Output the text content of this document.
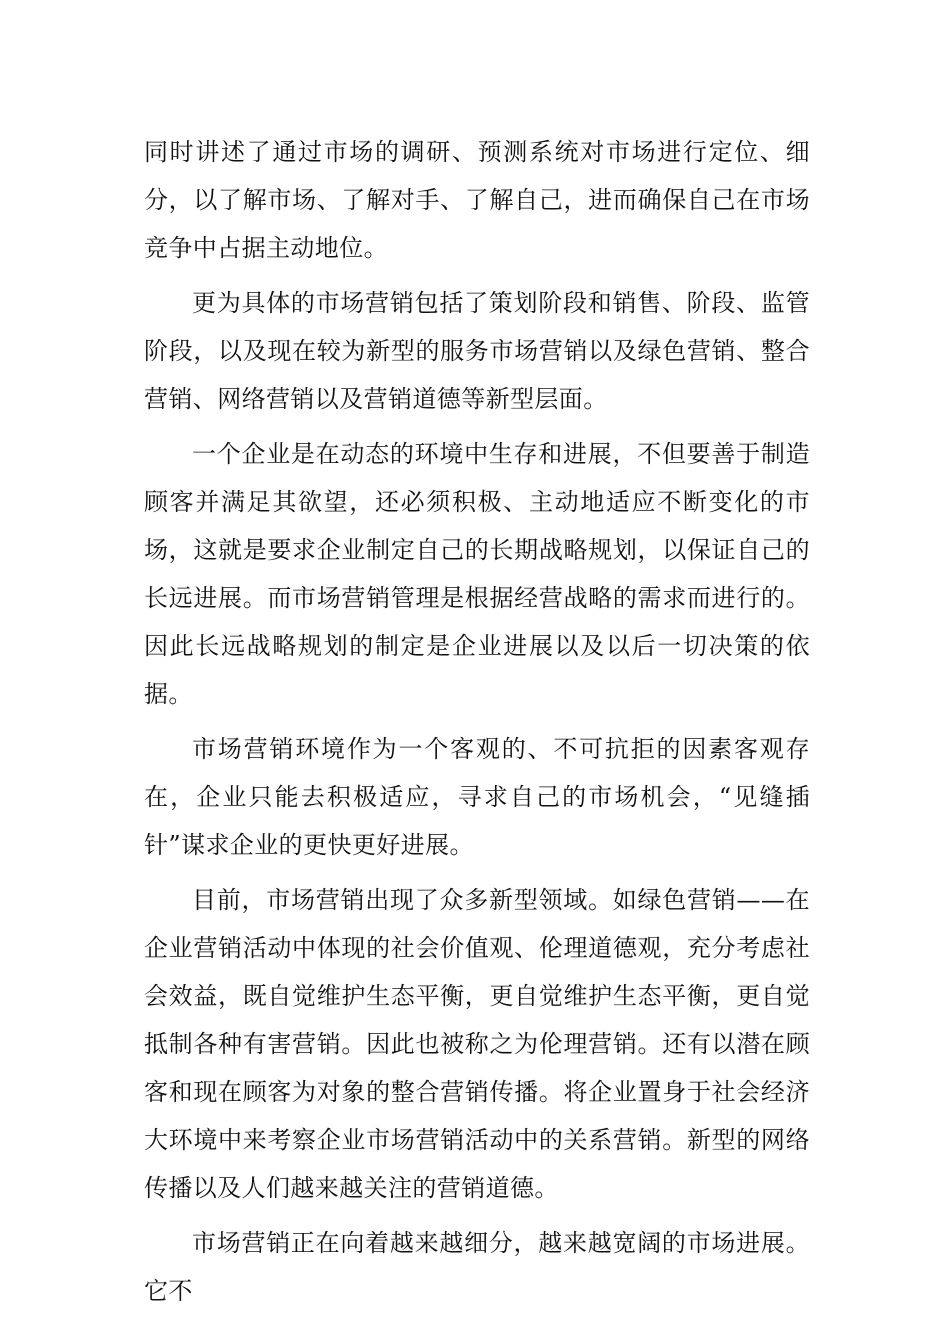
同时讲述了通过市场的调研、预测系统对市场进行定位、细分，以了解市场、了解对手、了解自己，进而确保自己在市场竞争中占据主动地位。

更为具体的市场营销包括了策划阶段和销售、阶段、监管阶段，以及现在较为新型的服务市场营销以及绿色营销、整合营销、网络营销以及营销道德等新型层面。

一个企业是在动态的环境中生存和进展，不但要善于制造顾客并满足其欲望，还必须积极、主动地适应不断变化的市场，这就是要求企业制定自己的长期战略规划，以保证自己的长远进展。而市场营销管理是根据经营战略的需求而进行的。因此长远战略规划的制定是企业进展以及以后一切决策的依据。

市场营销环境作为一个客观的、不可抗拒的因素客观存在，企业只能去积极适应，寻求自己的市场机会，“见缝插针”谋求企业的更快更好进展。

目前，市场营销出现了众多新型领域。如绿色营销——在企业营销活动中体现的社会价值观、伦理道德观，充分考虑社会效益，既自觉维护生态平衡，更自觉维护生态平衡，更自觉抵制各种有害营销。因此也被称之为伦理营销。还有以潜在顾客和现在顾客为对象的整合营销传播。将企业置身于社会经济大环境中来考察企业市场营销活动中的关系营销。新型的网络传播以及人们越来越关注的营销道德。

市场营销正在向着越来越细分，越来越宽阔的市场进展。它不
